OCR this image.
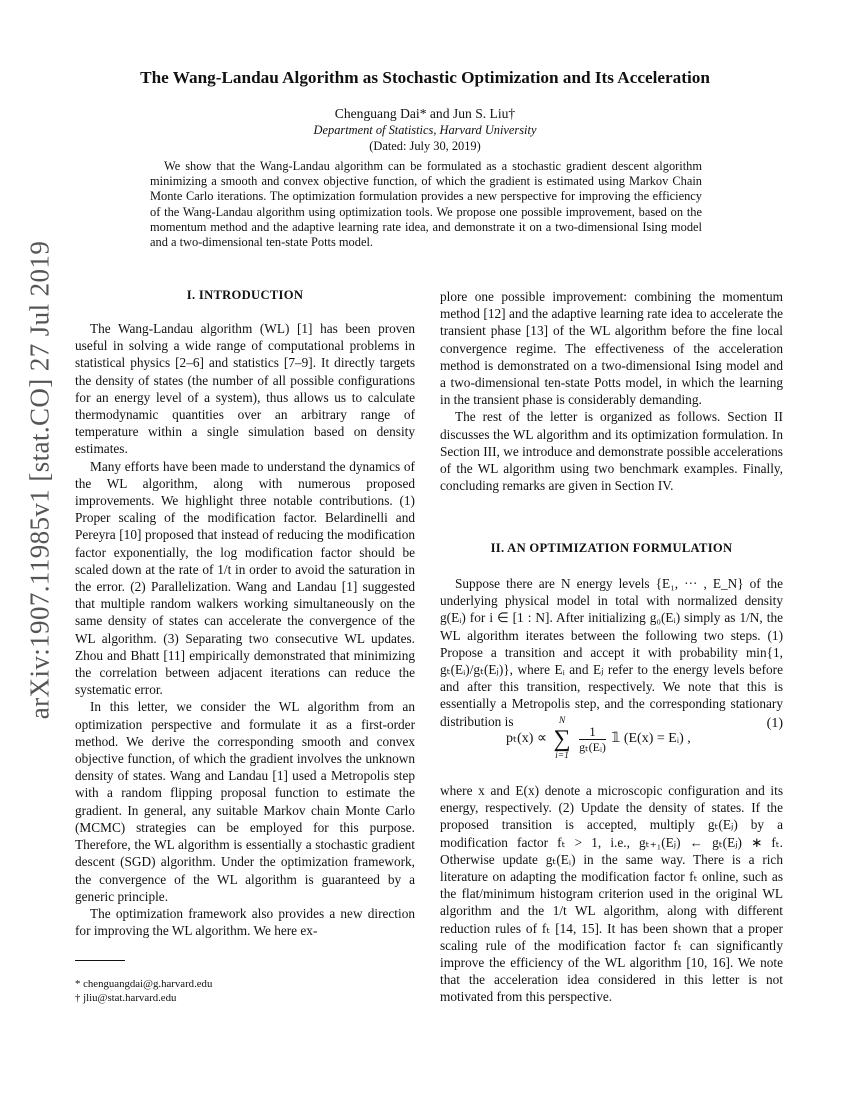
arXiv:1907.11985v1 [stat.CO] 27 Jul 2019
The Wang-Landau Algorithm as Stochastic Optimization and Its Acceleration
Chenguang Dai* and Jun S. Liu†
Department of Statistics, Harvard University
(Dated: July 30, 2019)
We show that the Wang-Landau algorithm can be formulated as a stochastic gradient descent algorithm minimizing a smooth and convex objective function, of which the gradient is estimated using Markov Chain Monte Carlo iterations. The optimization formulation provides a new perspective for improving the efficiency of the Wang-Landau algorithm using optimization tools. We propose one possible improvement, based on the momentum method and the adaptive learning rate idea, and demonstrate it on a two-dimensional Ising model and a two-dimensional ten-state Potts model.
I. INTRODUCTION

The Wang-Landau algorithm (WL) [1] has been proven useful in solving a wide range of computational problems in statistical physics [2–6] and statistics [7–9]. It directly targets the density of states (the number of all possible configurations for an energy level of a system), thus allows us to calculate thermodynamic quantities over an arbitrary range of temperature within a single simulation based on density estimates.

Many efforts have been made to understand the dynamics of the WL algorithm, along with numerous proposed improvements. We highlight three notable contributions. (1) Proper scaling of the modification factor. Belardinelli and Pereyra [10] proposed that instead of reducing the modification factor exponentially, the log modification factor should be scaled down at the rate of 1/t in order to avoid the saturation in the error. (2) Parallelization. Wang and Landau [1] suggested that multiple random walkers working simultaneously on the same density of states can accelerate the convergence of the WL algorithm. (3) Separating two consecutive WL updates. Zhou and Bhatt [11] empirically demonstrated that minimizing the correlation between adjacent iterations can reduce the systematic error.

In this letter, we consider the WL algorithm from an optimization perspective and formulate it as a first-order method. We derive the corresponding smooth and convex objective function, of which the gradient involves the unknown density of states. Wang and Landau [1] used a Metropolis step with a random flipping proposal function to estimate the gradient. In general, any suitable Markov chain Monte Carlo (MCMC) strategies can be employed for this purpose. Therefore, the WL algorithm is essentially a stochastic gradient descent (SGD) algorithm. Under the optimization framework, the convergence of the WL algorithm is guaranteed by a generic principle.

The optimization framework also provides a new direction for improving the WL algorithm. We here ex-

plore one possible improvement: combining the momentum method [12] and the adaptive learning rate idea to accelerate the transient phase [13] of the WL algorithm before the fine local convergence regime. The effectiveness of the acceleration method is demonstrated on a two-dimensional Ising model and a two-dimensional ten-state Potts model, in which the learning in the transient phase is considerably demanding.

The rest of the letter is organized as follows. Section II discusses the WL algorithm and its optimization formulation. In Section III, we introduce and demonstrate possible accelerations of the WL algorithm using two benchmark examples. Finally, concluding remarks are given in Section IV.

II. AN OPTIMIZATION FORMULATION

Suppose there are N energy levels {E₁, ··· , E_N} of the underlying physical model in total with normalized density g(Eᵢ) for i ∈ [1 : N]. After initializing g₀(Eᵢ) simply as 1/N, the WL algorithm iterates between the following two steps. (1) Propose a transition and accept it with probability min{1, gₜ(Eᵢ)/gₜ(Eⱼ)}, where Eᵢ and Eⱼ refer to the energy levels before and after this transition, respectively. We note that this is essentially a Metropolis step, and the corresponding stationary distribution is

pₜ(x) ∝
N
∑
i=1

$\frac{1}{\text{gₜ(Eᵢ)}}$ 𝟙 (E(x) = Eᵢ) ,
(1)

where x and E(x) denote a microscopic configuration and its energy, respectively. (2) Update the density of states. If the proposed transition is accepted, multiply gₜ(Eⱼ) by a modification factor fₜ > 1, i.e., gₜ₊₁(Eⱼ) ← gₜ(Eⱼ) ∗ fₜ. Otherwise update gₜ(Eᵢ) in the same way. There is a rich literature on adapting the modification factor fₜ online, such as the flat/minimum histogram criterion used in the original WL algorithm and the 1/t WL algorithm, along with different reduction rules of fₜ [14, 15]. It has been shown that a proper scaling rule of the modification factor fₜ can significantly improve the efficiency of the WL algorithm [10, 16]. We note that the acceleration idea considered in this letter is not motivated from this perspective.

* chenguangdai@g.harvard.edu
† jliu@stat.harvard.edu
